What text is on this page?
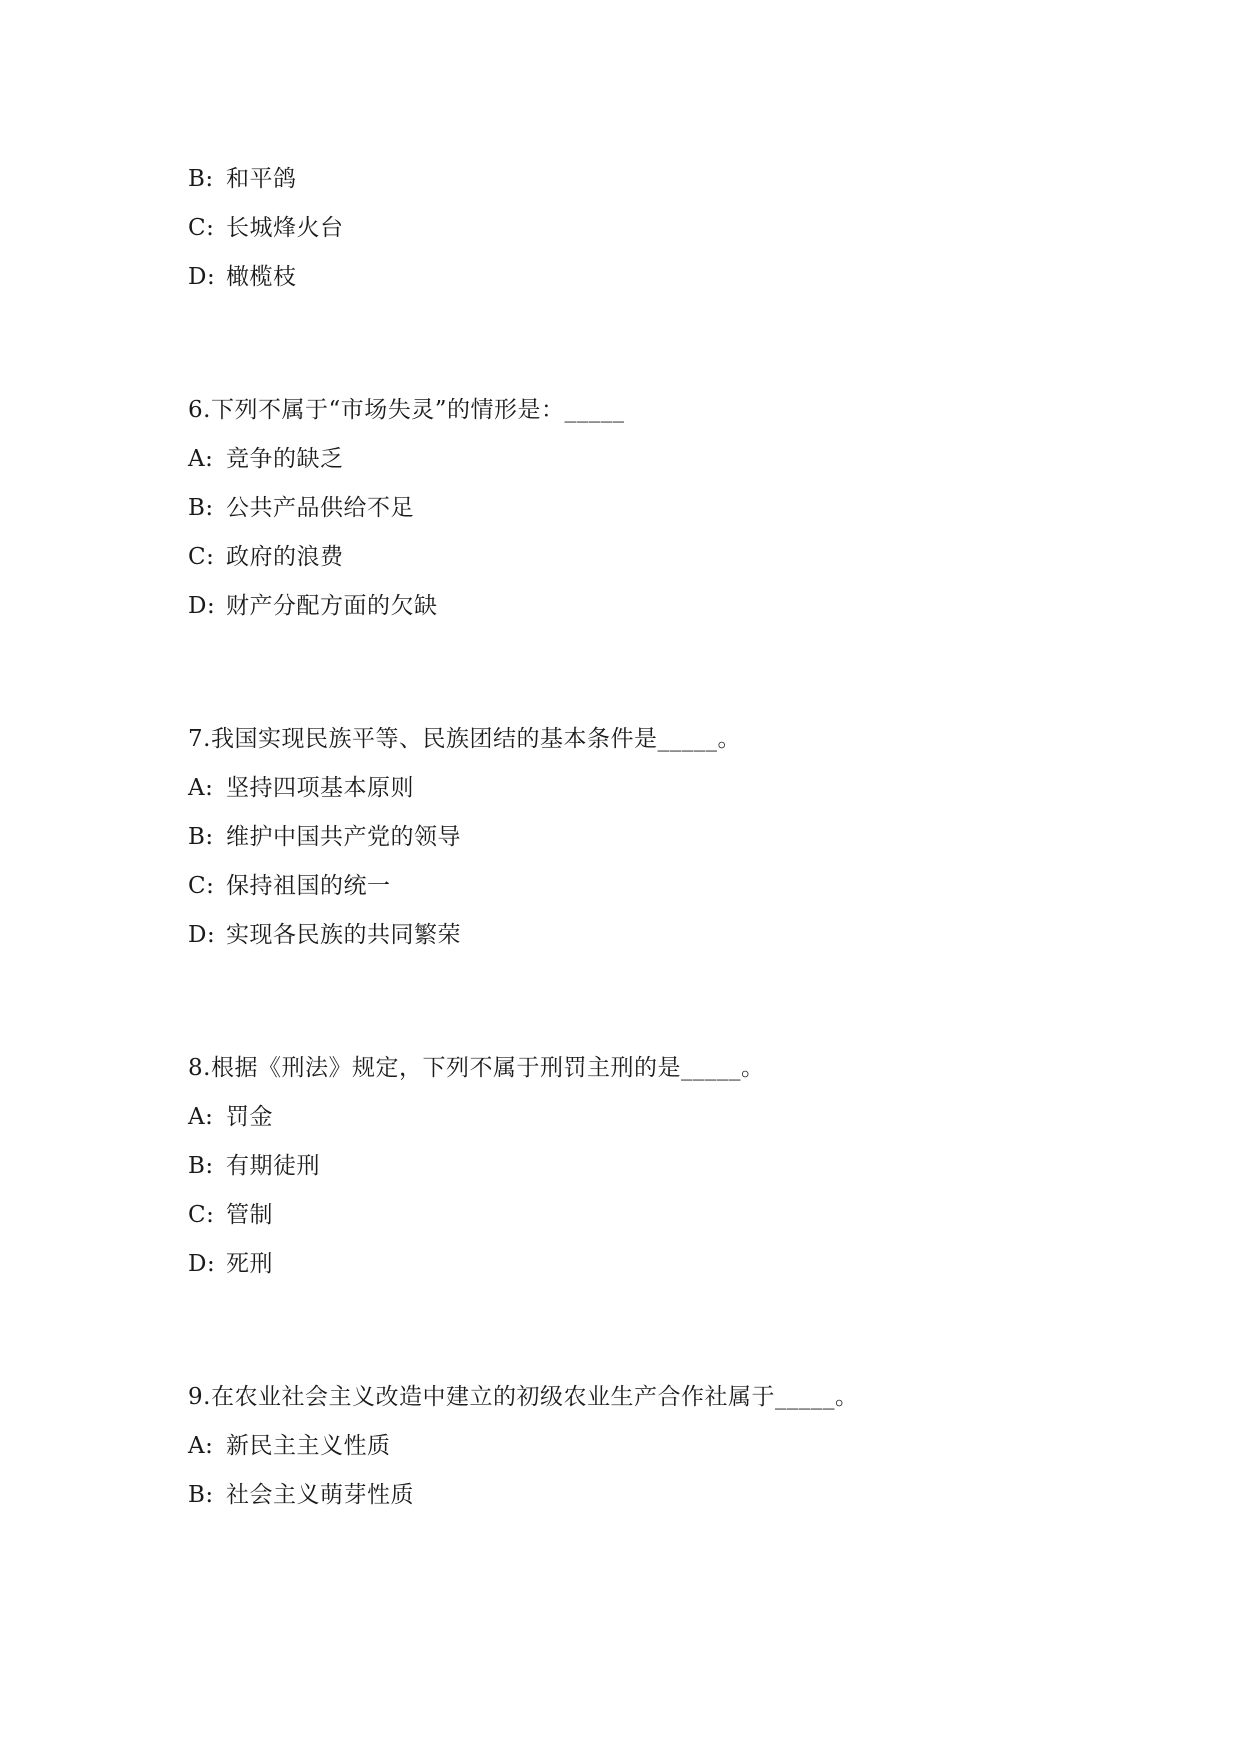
B: 和平鸽
C: 长城烽火台
D: 橄榄枝
6.下列不属于“市场失灵”的情形是：_____
A: 竞争的缺乏
B: 公共产品供给不足
C: 政府的浪费
D: 财产分配方面的欠缺
7.我国实现民族平等、民族团结的基本条件是_____。
A: 坚持四项基本原则
B: 维护中国共产党的领导
C: 保持祖国的统一
D: 实现各民族的共同繁荣
8.根据《刑法》规定，下列不属于刑罚主刑的是_____。
A: 罚金
B: 有期徒刑
C: 管制
D: 死刑
9.在农业社会主义改造中建立的初级农业生产合作社属于_____。
A: 新民主主义性质
B: 社会主义萌芽性质
